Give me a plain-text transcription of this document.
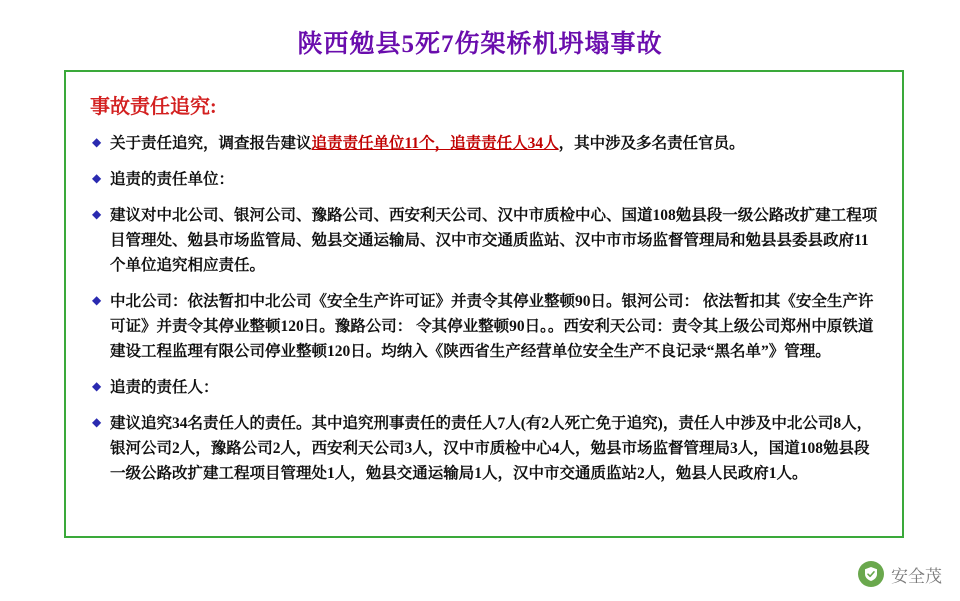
陕西勉县5死7伤架桥机坍塌事故
事故责任追究:
◆ 关于责任追究，调查报告建议追责责任单位11个，追责责任人34人，其中涉及多名责任官员。
◆ 追责的责任单位：
◆ 建议对中北公司、银河公司、豫路公司、西安利天公司、汉中市质检中心、国道108勉县段一级公路改扩建工程项目管理处、勉县市场监管局、勉县交通运输局、汉中市交通质监站、汉中市市场监督管理局和勉县县委县政府11个单位追究相应责任。
◆ 中北公司：依法暂扣中北公司《安全生产许可证》并责令其停业整顿90日。银河公司： 依法暂扣其《安全生产许可证》并责令其停业整顿120日。豫路公司： 令其停业整顿90日。。西安利天公司：责令其上级公司郑州中原铁道建设工程监理有限公司停业整顿120日。均纳入《陕西省生产经营单位安全生产不良记录“黑名单”》管理。
◆ 追责的责任人：
◆ 建议追究34名责任人的责任。其中追究刑事责任的责任人7人(有2人死亡免于追究)，责任人中涉及中北公司8人，银河公司2人，豫路公司2人，西安利天公司3人，汉中市质检中心4人，勉县市场监督管理局3人，国道108勉县段一级公路改扩建工程项目管理处1人，勉县交通运输局1人，汉中市交通质监站2人，勉县人民政府1人。
安全茂
